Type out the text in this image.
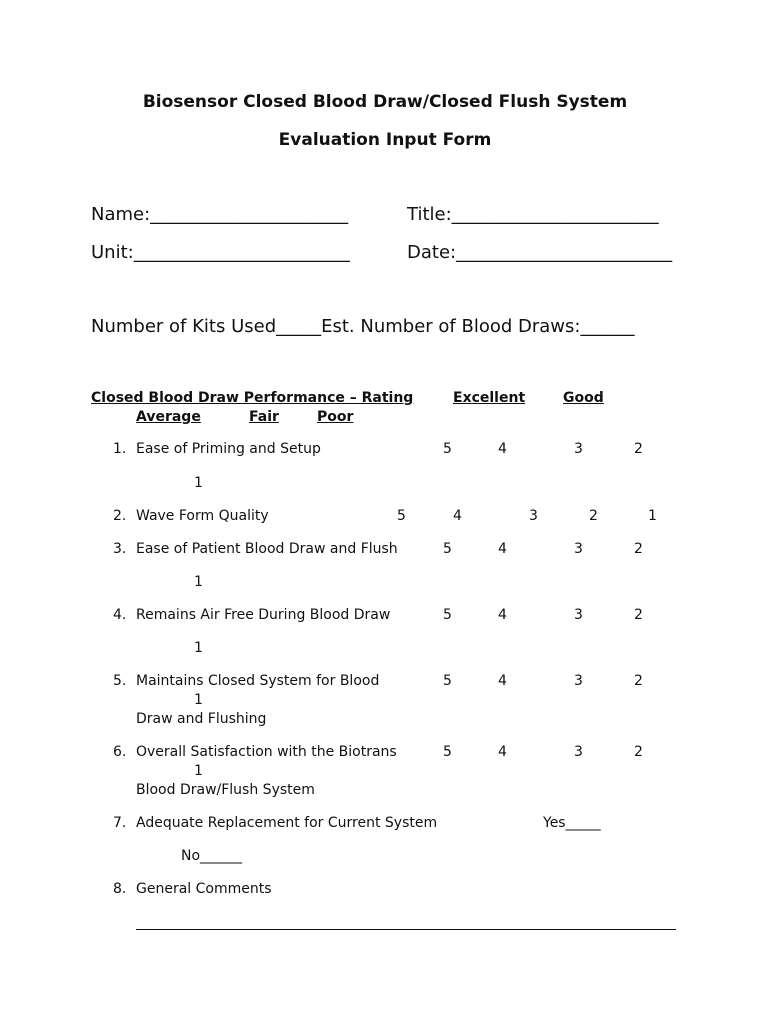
Biosensor Closed Blood Draw/Closed Flush System
Evaluation Input Form
Name:______________________	Title:_______________________
Unit:________________________	Date:________________________
Number of Kits Used_____Est. Number of Blood Draws:______
Closed Blood Draw Performance – Rating	Excellent	Good
Average	Fair	Poor
1. Ease of Priming and Setup	5	4	3	2
1
2. Wave Form Quality	5	4	3	2	1
3. Ease of Patient Blood Draw and Flush	5	4	3	2
1
4. Remains Air Free During Blood Draw	5	4	3	2
1
5. Maintains Closed System for Blood	5	4	3	2
1
Draw and Flushing
6. Overall Satisfaction with the Biotrans	5	4	3	2
1
Blood Draw/Flush System
7. Adequate Replacement for Current System	Yes_____
No______
8. General Comments
